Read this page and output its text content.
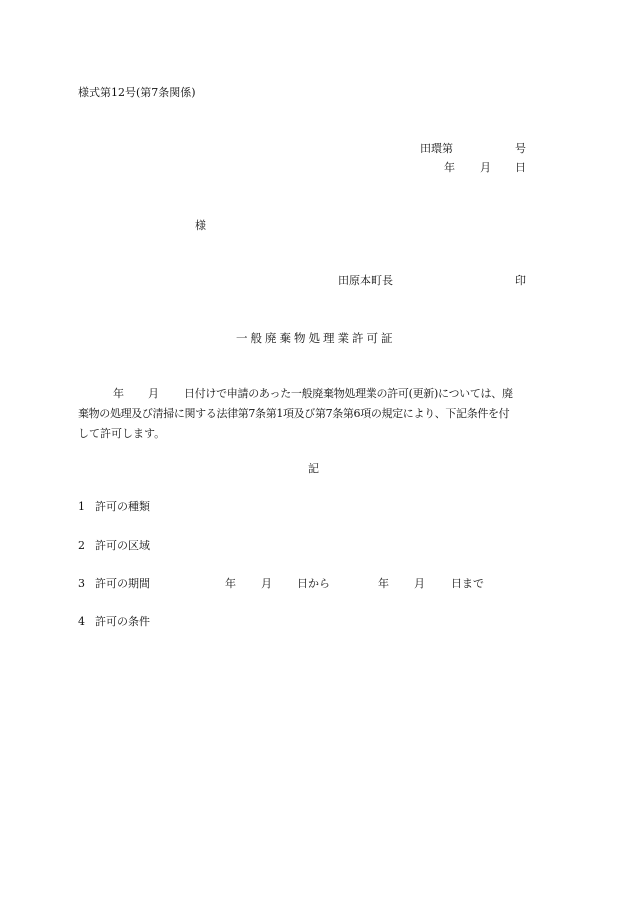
様式第12号(第7条関係)
田環第	号
年 月 日
様
田原本町長	印
一般廃棄物処理業許可証
年 月 日付けで申請のあった一般廃棄物処理業の許可(更新)については、廃
棄物の処理及び清掃に関する法律第7条第1項及び第7条第6項の規定により、下記条件を付
して許可します。
記
1 許可の種類
2 許可の区域
3 許可の期間	年 月 日から	年 月 日まで
4 許可の条件
